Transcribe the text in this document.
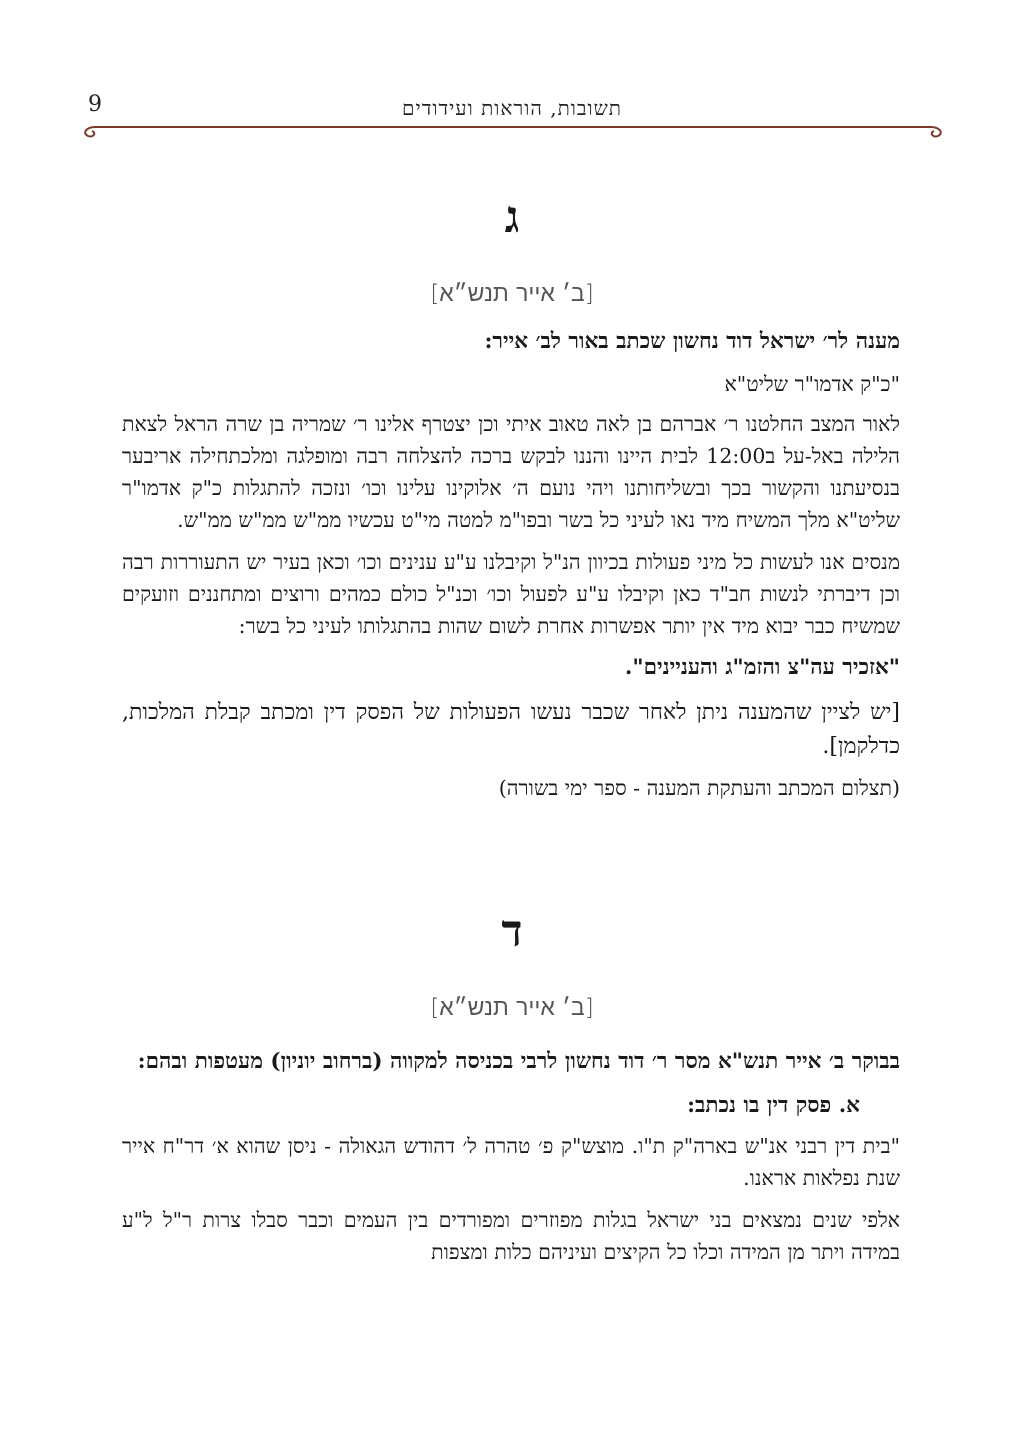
9	תשובות, הוראות ועידודים
ג
[ב׳ אייר תנש״א]

מענה לר׳ ישראל דוד נחשון שכתב באור לב׳ אייר:

"כ"ק אדמו"ר שליט"א

לאור המצב החלטנו ר׳ אברהם בן לאה טאוב איתי וכן יצטרף אלינו ר׳ שמריה בן שרה הראל לצאת הלילה באל-על ב12:00 לבית היינו והננו לבקש ברכה להצלחה רבה ומופלגה ומלכתחילה אריבער בנסיעתנו והקשור בכך ובשליחותנו ויהי נועם ה׳ אלוקינו עלינו וכו׳ ונזכה להתגלות כ"ק אדמו"ר שליט"א מלך המשיח מיד נאו לעיני כל בשר ובפו"מ למטה מי"ט עכשיו ממ"ש ממ"ש ממ"ש.

מנסים אנו לעשות כל מיני פעולות בכיוון הנ"ל וקיבלנו ע"ע ענינים וכו׳ וכאן בעיר יש התעוררות רבה וכן דיברתי לנשות חב"ד כאן וקיבלו ע"ע לפעול וכו׳ וכנ"ל כולם כמהים ורוצים ומתחננים וזועקים שמשיח כבר יבוא מיד אין יותר אפשרות אחרת לשום שהות בהתגלותו לעיני כל בשר:

"אזכיר עה"צ והזמ"ג והעניינים".

[יש לציין שהמענה ניתן לאחר שכבר נעשו הפעולות של הפסק דין ומכתב קבלת המלכות, כדלקמן].

(תצלום המכתב והעתקת המענה - ספר ימי בשורה)

ד
[ב׳ אייר תנש״א]

בבוקר ב׳ אייר תנש"א מסר ר׳ דוד נחשון לרבי בכניסה למקווה (ברחוב יוניון) מעטפות ובהם:

א. פסק דין בו נכתב:

"בית דין רבני אנ"ש בארה"ק ת"ו. מוצש"ק פ׳ טהרה ל׳ דהודש הגאולה - ניסן שהוא א׳ דר"ח אייר שנת נפלאות אראנו.

אלפי שנים נמצאים בני ישראל בגלות מפוזרים ומפורדים בין העמים וכבר סבלו צרות ר"ל ל"ע במידה ויתר מן המידה וכלו כל הקיצים ועיניהם כלות ומצפות
